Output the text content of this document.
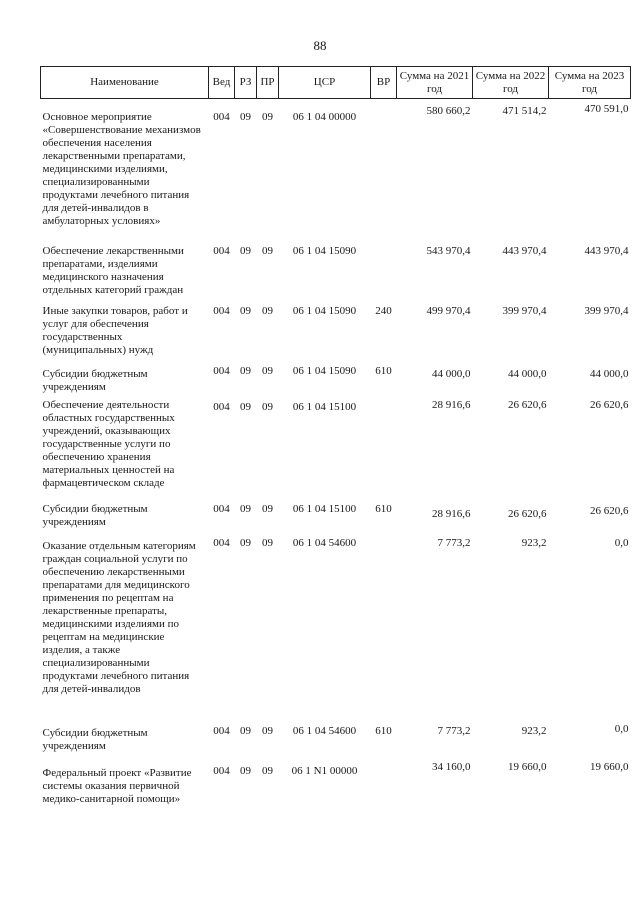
88
Наименование	Вед	РЗ	ПР	ЦСР	ВР	Сумма на 2021 год	Сумма на 2022 год	Сумма на 2023 год
Основное мероприятие «Совершенствование механизмов обеспечения населения лекарственными препаратами, медицинскими изделиями, специализированными продуктами лечебного питания для детей-инвалидов в амбулаторных условиях»	004	09	09	06 1 04 00000		580 660,2	471 514,2	470 591,0
Обеспечение лекарственными препаратами, изделиями медицинского назначения отдельных категорий граждан	004	09	09	06 1 04 15090		543 970,4	443 970,4	443 970,4
Иные закупки товаров, работ и услуг для обеспечения государственных (муниципальных) нужд	004	09	09	06 1 04 15090	240	499 970,4	399 970,4	399 970,4
Субсидии бюджетным учреждениям	004	09	09	06 1 04 15090	610	44 000,0	44 000,0	44 000,0
Обеспечение деятельности областных государственных учреждений, оказывающих государственные услуги по обеспечению хранения материальных ценностей на фармацевтическом складе	004	09	09	06 1 04 15100		28 916,6	26 620,6	26 620,6
Субсидии бюджетным учреждениям	004	09	09	06 1 04 15100	610	28 916,6	26 620,6	26 620,6
Оказание отдельным категориям граждан социальной услуги по обеспечению лекарственными препаратами для медицинского применения по рецептам на лекарственные препараты, медицинскими изделиями по рецептам на медицинские изделия, а также специализированными продуктами лечебного питания для детей-инвалидов	004	09	09	06 1 04 54600		7 773,2	923,2	0,0
Субсидии бюджетным учреждениям	004	09	09	06 1 04 54600	610	7 773,2	923,2	0,0
Федеральный проект «Развитие системы оказания первичной медико-санитарной помощи»	004	09	09	06 1 N1 00000		34 160,0	19 660,0	19 660,0
